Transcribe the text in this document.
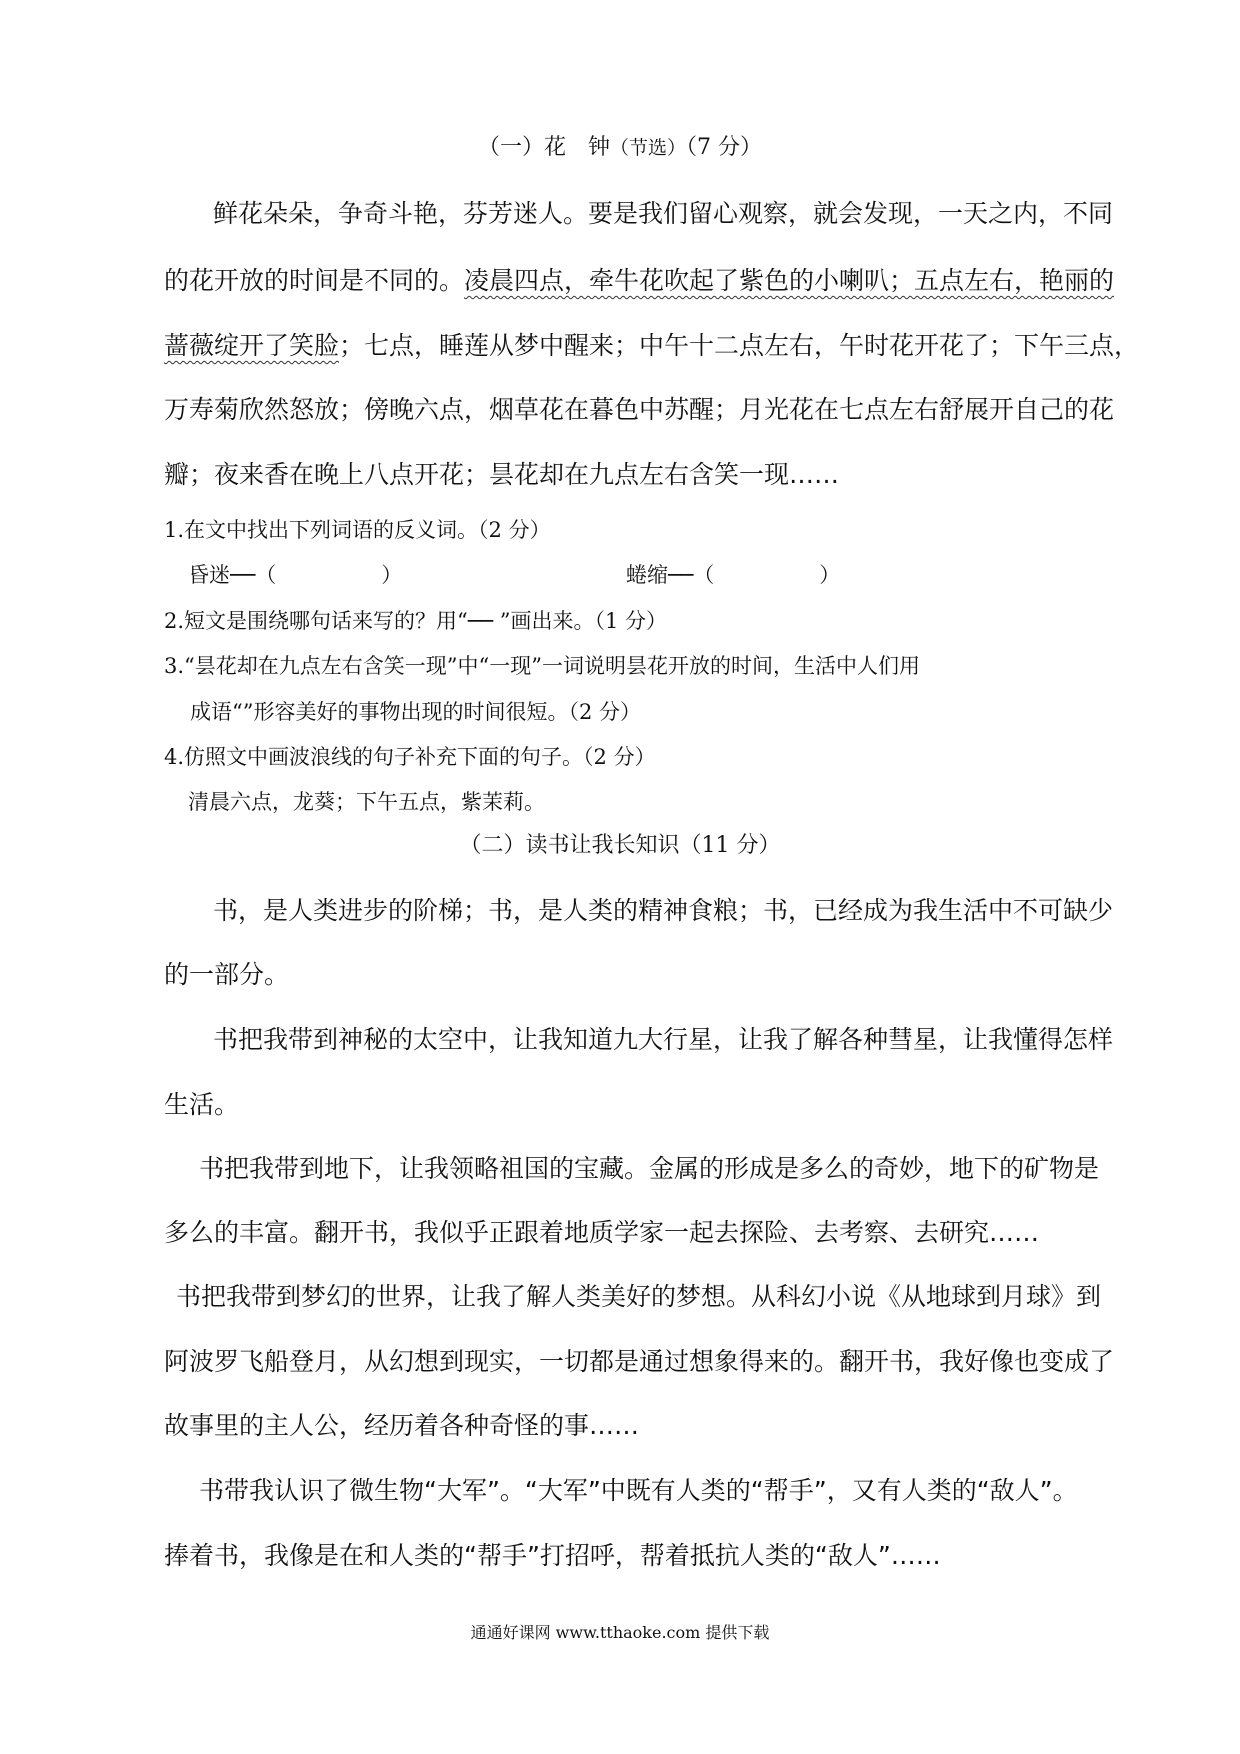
（一）花　钟（节选）（7 分）
鲜花朵朵，争奇斗艳，芬芳迷人。要是我们留心观察，就会发现，一天之内，不同
的花开放的时间是不同的。凌晨四点，牵牛花吹起了紫色的小喇叭；五点左右，艳丽的
蔷薇绽开了笑脸；七点，睡莲从梦中醒来；中午十二点左右，午时花开花了；下午三点，
万寿菊欣然怒放；傍晚六点，烟草花在暮色中苏醒；月光花在七点左右舒展开自己的花
瓣；夜来香在晚上八点开花；昙花却在九点左右含笑一现……
1.在文中找出下列词语的反义词。（2 分）
昏迷──（　　　　　）	蜷缩──（　　　　　）
2.短文是围绕哪句话来写的？用“── ”画出来。（1 分）
3.“昙花却在九点左右含笑一现”中“一现”一词说明昙花开放的时间，生活中人们用
成语“”形容美好的事物出现的时间很短。（2 分）
4.仿照文中画波浪线的句子补充下面的句子。（2 分）
清晨六点，龙葵；下午五点，紫茉莉。
（二）读书让我长知识（11 分）
书，是人类进步的阶梯；书，是人类的精神食粮；书，已经成为我生活中不可缺少
的一部分。
书把我带到神秘的太空中，让我知道九大行星，让我了解各种彗星，让我懂得怎样
生活。
书把我带到地下，让我领略祖国的宝藏。金属的形成是多么的奇妙，地下的矿物是
多么的丰富。翻开书，我似乎正跟着地质学家一起去探险、去考察、去研究……
书把我带到梦幻的世界，让我了解人类美好的梦想。从科幻小说《从地球到月球》到
阿波罗飞船登月，从幻想到现实，一切都是通过想象得来的。翻开书，我好像也变成了
故事里的主人公，经历着各种奇怪的事……
书带我认识了微生物“大军”。“大军”中既有人类的“帮手”，又有人类的“敌人”。
捧着书，我像是在和人类的“帮手”打招呼，帮着抵抗人类的“敌人”……
通通好课网 www.tthaoke.com 提供下载
